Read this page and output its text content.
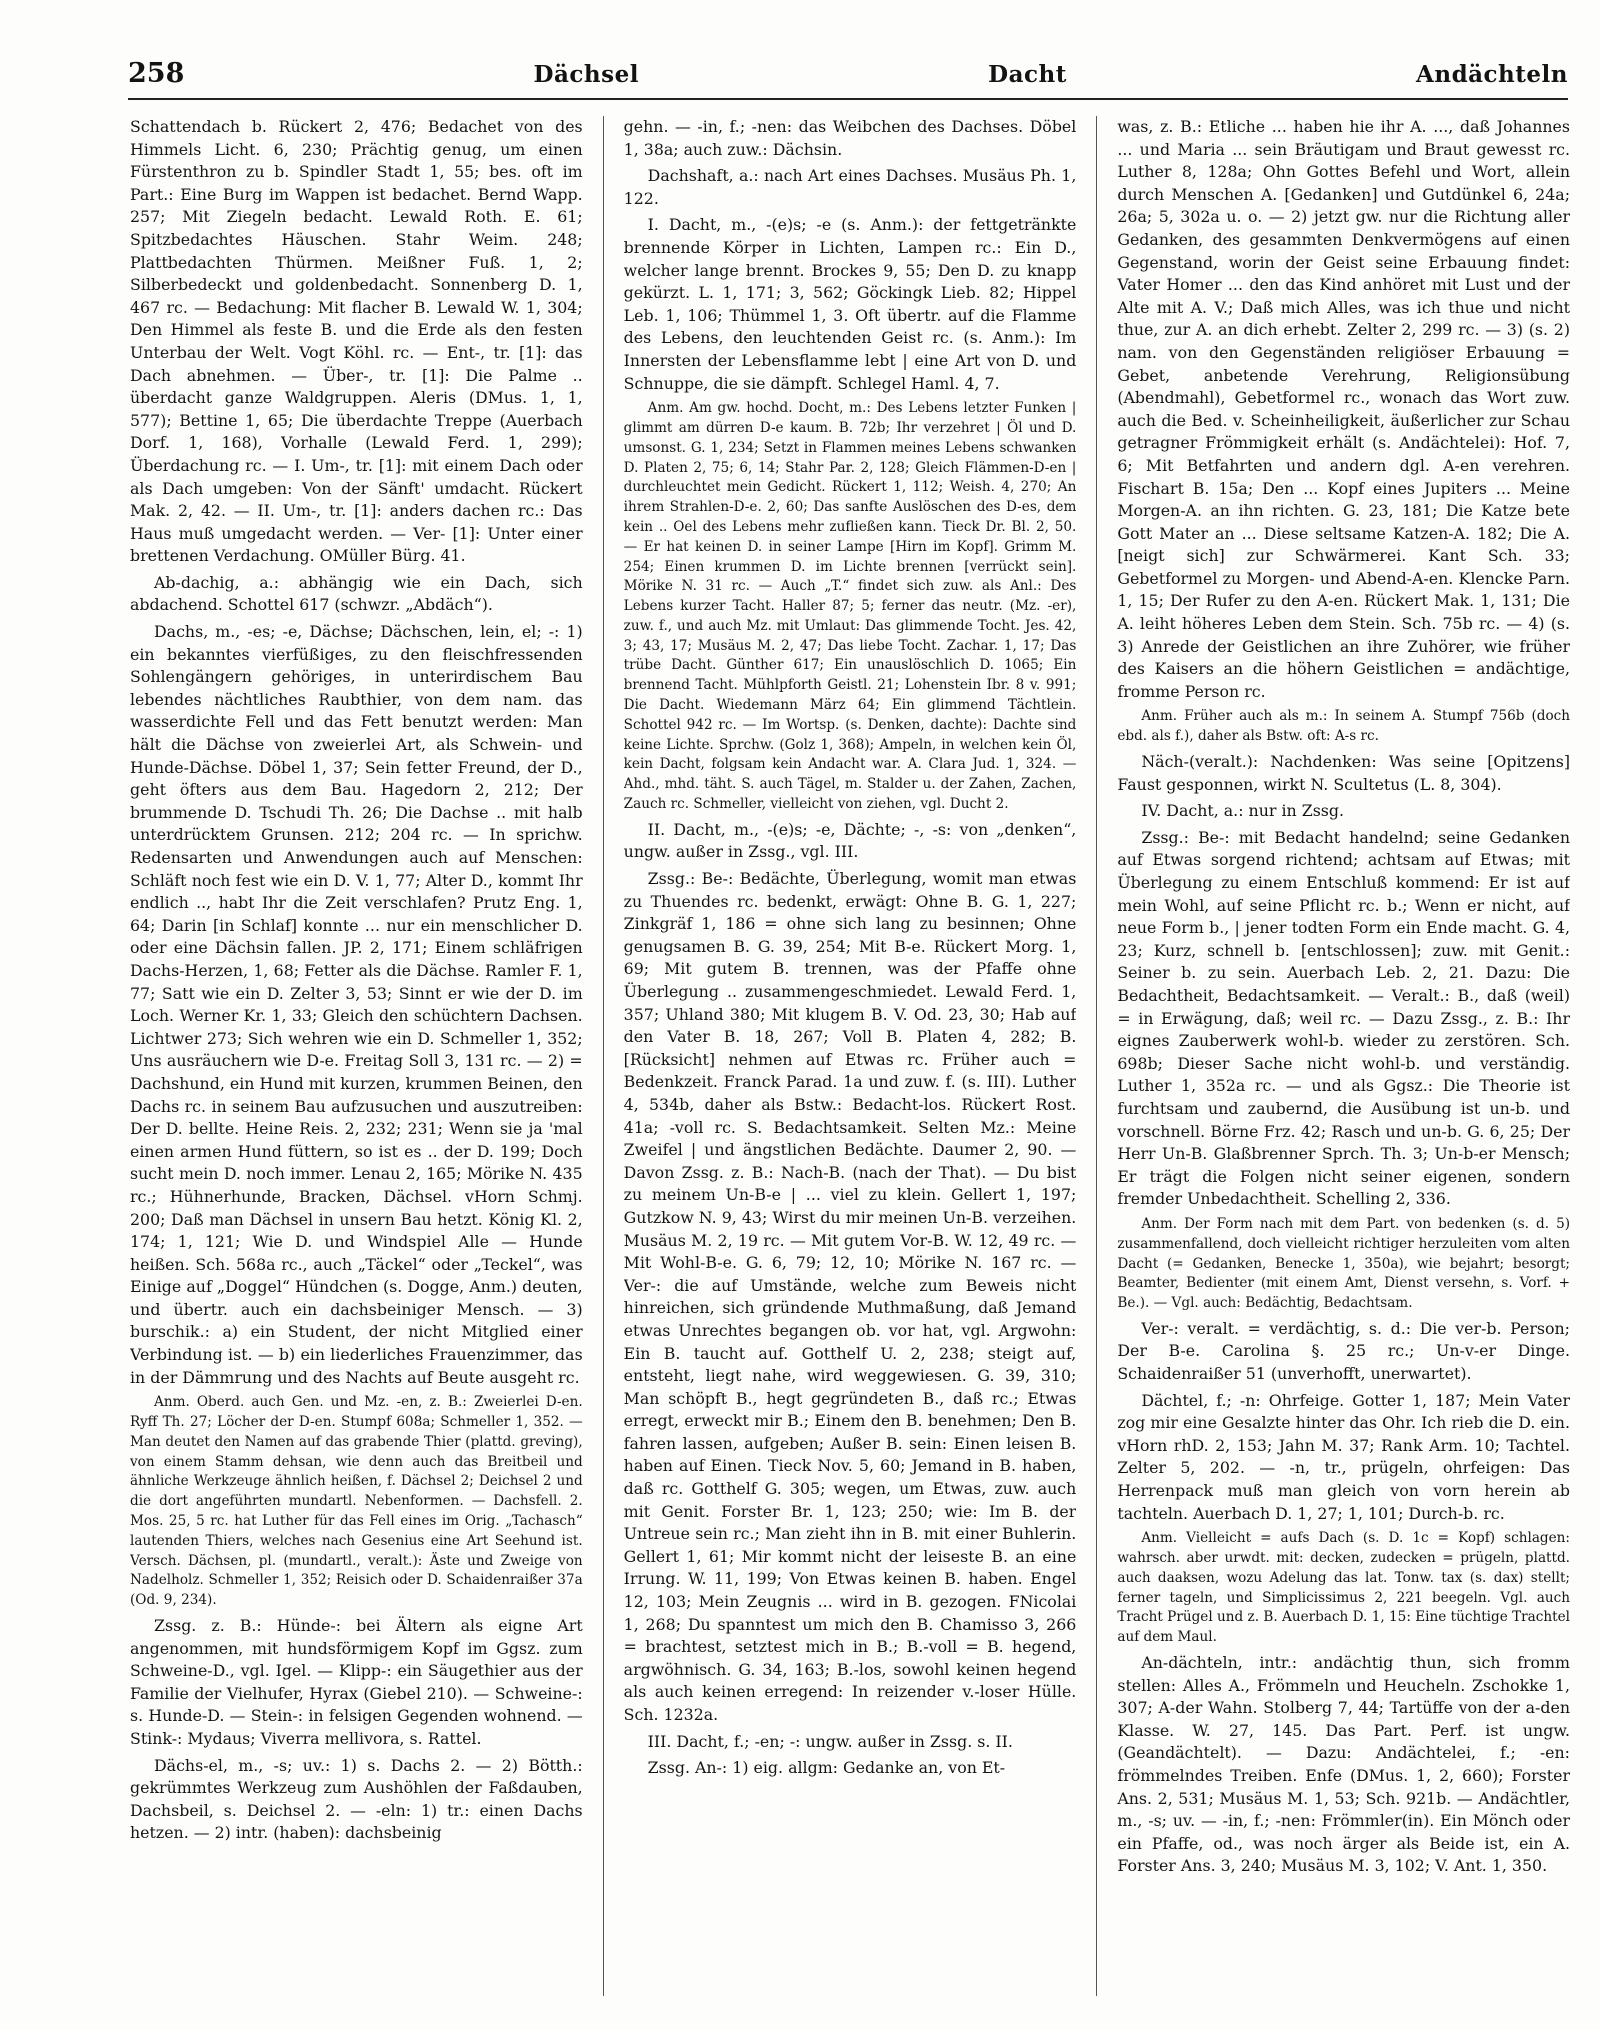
258	Dächsel	Dacht	Andächteln

Schattendach b. Rückert 2, 476; Bedachet von des Himmels Licht. 6, 230; Prächtig genug, um einen Fürstenthron zu b. Spindler Stadt 1, 55; bes. oft im Part.: Eine Burg im Wappen ist bedachet. Bernd Wapp. 257; Mit Ziegeln bedacht. Lewald Roth. E. 61; Spitzbedachtes Häuschen. Stahr Weim. 248; Plattbedachten Thürmen. Meißner Fuß. 1, 2; Silberbedeckt und goldenbedacht. Sonnenberg D. 1, 467 rc. — Bedachung: Mit flacher B. Lewald W. 1, 304; Den Himmel als feste B. und die Erde als den festen Unterbau der Welt. Vogt Köhl. rc. — Ent-, tr. [1]: das Dach abnehmen. — Über-, tr. [1]: Die Palme .. überdacht ganze Waldgruppen. Aleris (DMus. 1, 1, 577); Bettine 1, 65; Die überdachte Treppe (Auerbach Dorf. 1, 168), Vorhalle (Lewald Ferd. 1, 299); Überdachung rc. — I. Um-, tr. [1]: mit einem Dach oder als Dach umgeben: Von der Sänft' umdacht. Rückert Mak. 2, 42. — II. Um-, tr. [1]: anders dachen rc.: Das Haus muß umgedacht werden. — Ver- [1]: Unter einer brettenen Verdachung. OMüller Bürg. 41.

Ab-dachig, a.: abhängig wie ein Dach, sich abdachend. Schottel 617 (schwzr. „Abdäch“).

Dachs, m., -es; -e, Dächse; Dächschen, lein, el; -: 1) ein bekanntes vierfüßiges, zu den fleischfressenden Sohlengängern gehöriges, in unterirdischem Bau lebendes nächtliches Raubthier, von dem nam. das wasserdichte Fell und das Fett benutzt werden: Man hält die Dächse von zweierlei Art, als Schwein- und Hunde-Dächse. Döbel 1, 37; Sein fetter Freund, der D., geht öfters aus dem Bau. Hagedorn 2, 212; Der brummende D. Tschudi Th. 26; Die Dachse .. mit halb unterdrücktem Grunsen. 212; 204 rc. — In sprichw. Redensarten und Anwendungen auch auf Menschen: Schläft noch fest wie ein D. V. 1, 77; Alter D., kommt Ihr endlich .., habt Ihr die Zeit verschlafen? Prutz Eng. 1, 64; Darin [in Schlaf] konnte ... nur ein menschlicher D. oder eine Dächsin fallen. JP. 2, 171; Einem schläfrigen Dachs-Herzen, 1, 68; Fetter als die Dächse. Ramler F. 1, 77; Satt wie ein D. Zelter 3, 53; Sinnt er wie der D. im Loch. Werner Kr. 1, 33; Gleich den schüchtern Dachsen. Lichtwer 273; Sich wehren wie ein D. Schmeller 1, 352; Uns ausräuchern wie D-e. Freitag Soll 3, 131 rc. — 2) = Dachshund, ein Hund mit kurzen, krummen Beinen, den Dachs rc. in seinem Bau aufzusuchen und auszutreiben: Der D. bellte. Heine Reis. 2, 232; 231; Wenn sie ja 'mal einen armen Hund füttern, so ist es .. der D. 199; Doch sucht mein D. noch immer. Lenau 2, 165; Mörike N. 435 rc.; Hühnerhunde, Bracken, Dächsel. vHorn Schmj. 200; Daß man Dächsel in unsern Bau hetzt. König Kl. 2, 174; 1, 121; Wie D. und Windspiel Alle — Hunde heißen. Sch. 568a rc., auch „Täckel“ oder „Teckel“, was Einige auf „Doggel“ Hündchen (s. Dogge, Anm.) deuten, und übertr. auch ein dachsbeiniger Mensch. — 3) burschik.: a) ein Student, der nicht Mitglied einer Verbindung ist. — b) ein liederliches Frauenzimmer, das in der Dämmrung und des Nachts auf Beute ausgeht rc.

Anm. Oberd. auch Gen. und Mz. -en, z. B.: Zweierlei D-en. Ryff Th. 27; Löcher der D-en. Stumpf 608a; Schmeller 1, 352. — Man deutet den Namen auf das grabende Thier (plattd. greving), von einem Stamm dehsan, wie denn auch das Breitbeil und ähnliche Werkzeuge ähnlich heißen, f. Dächsel 2; Deichsel 2 und die dort angeführten mundartl. Nebenformen. — Dachsfell. 2. Mos. 25, 5 rc. hat Luther für das Fell eines im Orig. „Tachasch“ lautenden Thiers, welches nach Gesenius eine Art Seehund ist. Versch. Dächsen, pl. (mundartl., veralt.): Äste und Zweige von Nadelholz. Schmeller 1, 352; Reisich oder D. Schaidenraißer 37a (Od. 9, 234).

Zssg. z. B.: Hünde-: bei Ältern als eigne Art angenommen, mit hundsförmigem Kopf im Ggsz. zum Schweine-D., vgl. Igel. — Klipp-: ein Säugethier aus der Familie der Vielhufer, Hyrax (Giebel 210). — Schweine-: s. Hunde-D. — Stein-: in felsigen Gegenden wohnend. — Stink-: Mydaus; Viverra mellivora, s. Rattel.

Dächs-el, m., -s; uv.: 1) s. Dachs 2. — 2) Bötth.: gekrümmtes Werkzeug zum Aushöhlen der Faßdauben, Dachsbeil, s. Deichsel 2. — -eln: 1) tr.: einen Dachs hetzen. — 2) intr. (haben): dachsbeinig

gehn. — -in, f.; -nen: das Weibchen des Dachses. Döbel 1, 38a; auch zuw.: Dächsin.

Dachshaft, a.: nach Art eines Dachses. Musäus Ph. 1, 122.

I. Dacht, m., -(e)s; -e (s. Anm.): der fettgetränkte brennende Körper in Lichten, Lampen rc.: Ein D., welcher lange brennt. Brockes 9, 55; Den D. zu knapp gekürzt. L. 1, 171; 3, 562; Göckingk Lieb. 82; Hippel Leb. 1, 106; Thümmel 1, 3. Oft übertr. auf die Flamme des Lebens, den leuchtenden Geist rc. (s. Anm.): Im Innersten der Lebensflamme lebt | eine Art von D. und Schnuppe, die sie dämpft. Schlegel Haml. 4, 7.

Anm. Am gw. hochd. Docht, m.: Des Lebens letzter Funken | glimmt am dürren D-e kaum. B. 72b; Ihr verzehret | Öl und D. umsonst. G. 1, 234; Setzt in Flammen meines Lebens schwanken D. Platen 2, 75; 6, 14; Stahr Par. 2, 128; Gleich Flämmen-D-en | durchleuchtet mein Gedicht. Rückert 1, 112; Weish. 4, 270; An ihrem Strahlen-D-e. 2, 60; Das sanfte Auslöschen des D-es, dem kein .. Oel des Lebens mehr zufließen kann. Tieck Dr. Bl. 2, 50. — Er hat keinen D. in seiner Lampe [Hirn im Kopf]. Grimm M. 254; Einen krummen D. im Lichte brennen [verrückt sein]. Mörike N. 31 rc. — Auch „T.“ findet sich zuw. als Anl.: Des Lebens kurzer Tacht. Haller 87; 5; ferner das neutr. (Mz. -er), zuw. f., und auch Mz. mit Umlaut: Das glimmende Tocht. Jes. 42, 3; 43, 17; Musäus M. 2, 47; Das liebe Tocht. Zachar. 1, 17; Das trübe Dacht. Günther 617; Ein unauslöschlich D. 1065; Ein brennend Tacht. Mühlpforth Geistl. 21; Lohenstein Ibr. 8 v. 991; Die Dacht. Wiedemann März 64; Ein glimmend Tächtlein. Schottel 942 rc. — Im Wortsp. (s. Denken, dachte): Dachte sind keine Lichte. Sprchw. (Golz 1, 368); Ampeln, in welchen kein Öl, kein Dacht, folgsam kein Andacht war. A. Clara Jud. 1, 324. — Ahd., mhd. täht. S. auch Tägel, m. Stalder u. der Zahen, Zachen, Zauch rc. Schmeller, vielleicht von ziehen, vgl. Ducht 2.

II. Dacht, m., -(e)s; -e, Dächte; -, -s: von „denken“, ungw. außer in Zssg., vgl. III.

Zssg.: Be-: Bedächte, Überlegung, womit man etwas zu Thuendes rc. bedenkt, erwägt: Ohne B. G. 1, 227; Zinkgräf 1, 186 = ohne sich lang zu besinnen; Ohne genugsamen B. G. 39, 254; Mit B-e. Rückert Morg. 1, 69; Mit gutem B. trennen, was der Pfaffe ohne Überlegung .. zusammengeschmiedet. Lewald Ferd. 1, 357; Uhland 380; Mit klugem B. V. Od. 23, 30; Hab auf den Vater B. 18, 267; Voll B. Platen 4, 282; B. [Rücksicht] nehmen auf Etwas rc. Früher auch = Bedenkzeit. Franck Parad. 1a und zuw. f. (s. III). Luther 4, 534b, daher als Bstw.: Bedacht-los. Rückert Rost. 41a; -voll rc. S. Bedachtsamkeit. Selten Mz.: Meine Zweifel | und ängstlichen Bedächte. Daumer 2, 90. — Davon Zssg. z. B.: Nach-B. (nach der That). — Du bist zu meinem Un-B-e | ... viel zu klein. Gellert 1, 197; Gutzkow N. 9, 43; Wirst du mir meinen Un-B. verzeihen. Musäus M. 2, 19 rc. — Mit gutem Vor-B. W. 12, 49 rc. — Mit Wohl-B-e. G. 6, 79; 12, 10; Mörike N. 167 rc. — Ver-: die auf Umstände, welche zum Beweis nicht hinreichen, sich gründende Muthmaßung, daß Jemand etwas Unrechtes begangen ob. vor hat, vgl. Argwohn: Ein B. taucht auf. Gotthelf U. 2, 238; steigt auf, entsteht, liegt nahe, wird weggewiesen. G. 39, 310; Man schöpft B., hegt gegründeten B., daß rc.; Etwas erregt, erweckt mir B.; Einem den B. benehmen; Den B. fahren lassen, aufgeben; Außer B. sein: Einen leisen B. haben auf Einen. Tieck Nov. 5, 60; Jemand in B. haben, daß rc. Gotthelf G. 305; wegen, um Etwas, zuw. auch mit Genit. Forster Br. 1, 123; 250; wie: Im B. der Untreue sein rc.; Man zieht ihn in B. mit einer Buhlerin. Gellert 1, 61; Mir kommt nicht der leiseste B. an eine Irrung. W. 11, 199; Von Etwas keinen B. haben. Engel 12, 103; Mein Zeugnis ... wird in B. gezogen. FNicolai 1, 268; Du spanntest um mich den B. Chamisso 3, 266 = brachtest, setztest mich in B.; B.-voll = B. hegend, argwöhnisch. G. 34, 163; B.-los, sowohl keinen hegend als auch keinen erregend: In reizender v.-loser Hülle. Sch. 1232a.

III. Dacht, f.; -en; -: ungw. außer in Zssg. s. II.

Zssg. An-: 1) eig. allgm: Gedanke an, von Et-

was, z. B.: Etliche ... haben hie ihr A. ..., daß Johannes ... und Maria ... sein Bräutigam und Braut gewesst rc. Luther 8, 128a; Ohn Gottes Befehl und Wort, allein durch Menschen A. [Gedanken] und Gutdünkel 6, 24a; 26a; 5, 302a u. o. — 2) jetzt gw. nur die Richtung aller Gedanken, des gesammten Denkvermögens auf einen Gegenstand, worin der Geist seine Erbauung findet: Vater Homer ... den das Kind anhöret mit Lust und der Alte mit A. V.; Daß mich Alles, was ich thue und nicht thue, zur A. an dich erhebt. Zelter 2, 299 rc. — 3) (s. 2) nam. von den Gegenständen religiöser Erbauung = Gebet, anbetende Verehrung, Religionsübung (Abendmahl), Gebetformel rc., wonach das Wort zuw. auch die Bed. v. Scheinheiligkeit, äußerlicher zur Schau getragner Frömmigkeit erhält (s. Andächtelei): Hof. 7, 6; Mit Betfahrten und andern dgl. A-en verehren. Fischart B. 15a; Den ... Kopf eines Jupiters ... Meine Morgen-A. an ihn richten. G. 23, 181; Die Katze bete Gott Mater an ... Diese seltsame Katzen-A. 182; Die A. [neigt sich] zur Schwärmerei. Kant Sch. 33; Gebetformel zu Morgen- und Abend-A-en. Klencke Parn. 1, 15; Der Rufer zu den A-en. Rückert Mak. 1, 131; Die A. leiht höheres Leben dem Stein. Sch. 75b rc. — 4) (s. 3) Anrede der Geistlichen an ihre Zuhörer, wie früher des Kaisers an die höhern Geistlichen = andächtige, fromme Person rc.

Anm. Früher auch als m.: In seinem A. Stumpf 756b (doch ebd. als f.), daher als Bstw. oft: A-s rc.

Näch-(veralt.): Nachdenken: Was seine [Opitzens] Faust gesponnen, wirkt N. Scultetus (L. 8, 304).

IV. Dacht, a.: nur in Zssg.

Zssg.: Be-: mit Bedacht handelnd; seine Gedanken auf Etwas sorgend richtend; achtsam auf Etwas; mit Überlegung zu einem Entschluß kommend: Er ist auf mein Wohl, auf seine Pflicht rc. b.; Wenn er nicht, auf neue Form b., | jener todten Form ein Ende macht. G. 4, 23; Kurz, schnell b. [entschlossen]; zuw. mit Genit.: Seiner b. zu sein. Auerbach Leb. 2, 21. Dazu: Die Bedachtheit, Bedachtsamkeit. — Veralt.: B., daß (weil) = in Erwägung, daß; weil rc. — Dazu Zssg., z. B.: Ihr eignes Zauberwerk wohl-b. wieder zu zerstören. Sch. 698b; Dieser Sache nicht wohl-b. und verständig. Luther 1, 352a rc. — und als Ggsz.: Die Theorie ist furchtsam und zaubernd, die Ausübung ist un-b. und vorschnell. Börne Frz. 42; Rasch und un-b. G. 6, 25; Der Herr Un-B. Glaßbrenner Sprch. Th. 3; Un-b-er Mensch; Er trägt die Folgen nicht seiner eigenen, sondern fremder Unbedachtheit. Schelling 2, 336.

Anm. Der Form nach mit dem Part. von bedenken (s. d. 5) zusammenfallend, doch vielleicht richtiger herzuleiten vom alten Dacht (= Gedanken, Benecke 1, 350a), wie bejahrt; besorgt; Beamter, Bedienter (mit einem Amt, Dienst versehn, s. Vorf. + Be.). — Vgl. auch: Bedächtig, Bedachtsam.

Ver-: veralt. = verdächtig, s. d.: Die ver-b. Person; Der B-e. Carolina §. 25 rc.; Un-v-er Dinge. Schaidenraißer 51 (unverhofft, unerwartet).

Dächtel, f.; -n: Ohrfeige. Gotter 1, 187; Mein Vater zog mir eine Gesalzte hinter das Ohr. Ich rieb die D. ein. vHorn rhD. 2, 153; Jahn M. 37; Rank Arm. 10; Tachtel. Zelter 5, 202. — -n, tr., prügeln, ohrfeigen: Das Herrenpack muß man gleich von vorn herein ab tachteln. Auerbach D. 1, 27; 1, 101; Durch-b. rc.

Anm. Vielleicht = aufs Dach (s. D. 1c = Kopf) schlagen: wahrsch. aber urwdt. mit: decken, zudecken = prügeln, plattd. auch daaksen, wozu Adelung das lat. Tonw. tax (s. dax) stellt; ferner tageln, und Simplicissimus 2, 221 beegeln. Vgl. auch Tracht Prügel und z. B. Auerbach D. 1, 15: Eine tüchtige Trachtel auf dem Maul.

An-dächteln, intr.: andächtig thun, sich fromm stellen: Alles A., Frömmeln und Heucheln. Zschokke 1, 307; A-der Wahn. Stolberg 7, 44; Tartüffe von der a-den Klasse. W. 27, 145. Das Part. Perf. ist ungw. (Geandächtelt). — Dazu: Andächtelei, f.; -en: frömmelndes Treiben. Enfe (DMus. 1, 2, 660); Forster Ans. 2, 531; Musäus M. 1, 53; Sch. 921b. — Andächtler, m., -s; uv. — -in, f.; -nen: Frömmler(in). Ein Mönch oder ein Pfaffe, od., was noch ärger als Beide ist, ein A. Forster Ans. 3, 240; Musäus M. 3, 102; V. Ant. 1, 350.
